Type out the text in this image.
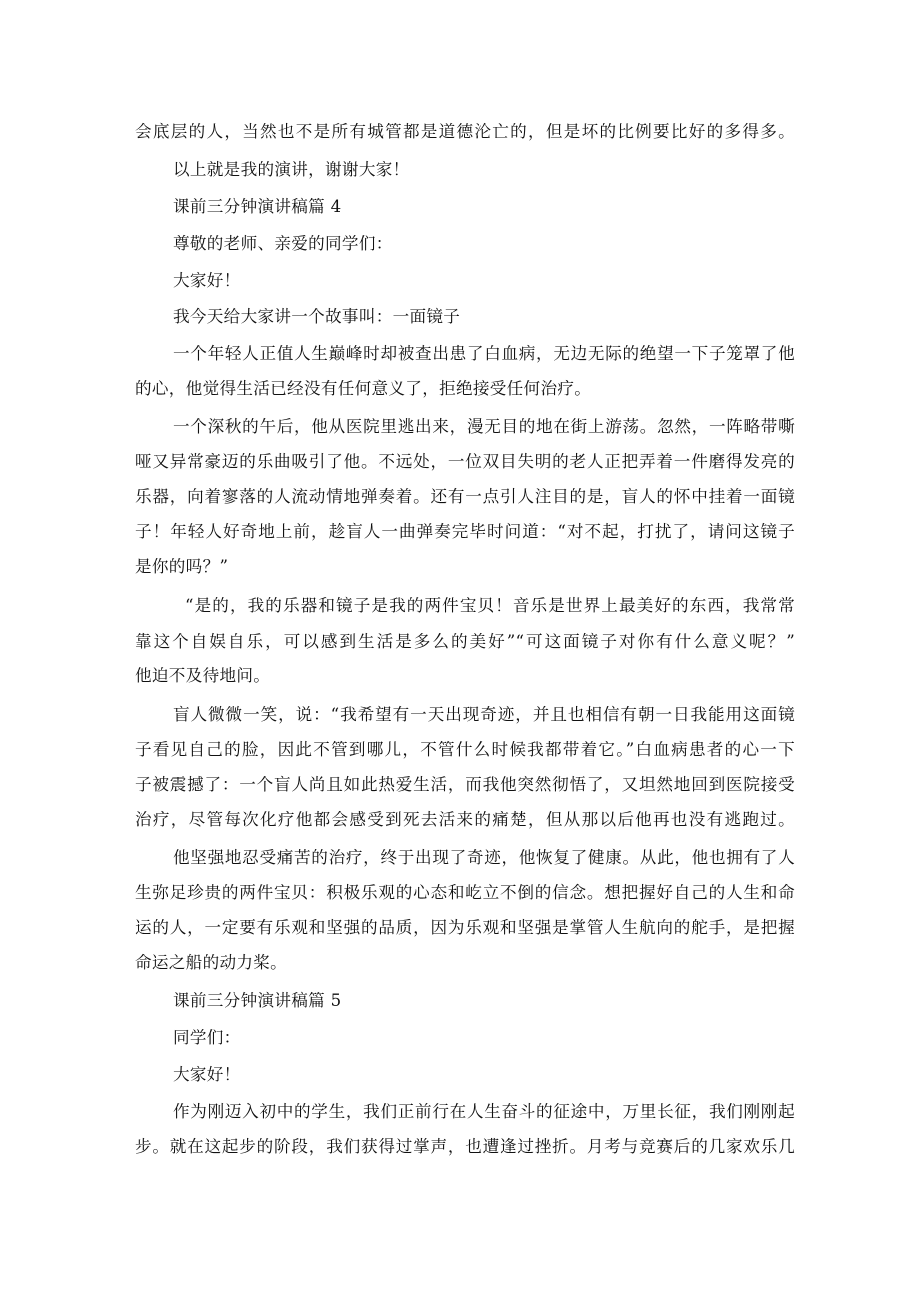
会底层的人，当然也不是所有城管都是道德沦亡的，但是坏的比例要比好的多得多。
以上就是我的演讲，谢谢大家！
课前三分钟演讲稿篇 4
尊敬的老师、亲爱的同学们：
大家好！
我今天给大家讲一个故事叫：一面镜子
一个年轻人正值人生巅峰时却被查出患了白血病，无边无际的绝望一下子笼罩了他
的心，他觉得生活已经没有任何意义了，拒绝接受任何治疗。
一个深秋的午后，他从医院里逃出来，漫无目的地在街上游荡。忽然，一阵略带嘶
哑又异常豪迈的乐曲吸引了他。不远处，一位双目失明的老人正把弄着一件磨得发亮的
乐器，向着寥落的人流动情地弹奏着。还有一点引人注目的是，盲人的怀中挂着一面镜
子！年轻人好奇地上前，趁盲人一曲弹奏完毕时问道：“对不起，打扰了，请问这镜子
是你的吗？”
“是的，我的乐器和镜子是我的两件宝贝！音乐是世界上最美好的东西，我常常
靠这个自娱自乐，可以感到生活是多么的美好”“可这面镜子对你有什么意义呢？”
他迫不及待地问。
盲人微微一笑，说：“我希望有一天出现奇迹，并且也相信有朝一日我能用这面镜
子看见自己的脸，因此不管到哪儿，不管什么时候我都带着它。”白血病患者的心一下
子被震撼了：一个盲人尚且如此热爱生活，而我他突然彻悟了，又坦然地回到医院接受
治疗，尽管每次化疗他都会感受到死去活来的痛楚，但从那以后他再也没有逃跑过。
他坚强地忍受痛苦的治疗，终于出现了奇迹，他恢复了健康。从此，他也拥有了人
生弥足珍贵的两件宝贝：积极乐观的心态和屹立不倒的信念。想把握好自己的人生和命
运的人，一定要有乐观和坚强的品质，因为乐观和坚强是掌管人生航向的舵手，是把握
命运之船的动力桨。
课前三分钟演讲稿篇 5
同学们：
大家好！
作为刚迈入初中的学生，我们正前行在人生奋斗的征途中，万里长征，我们刚刚起
步。就在这起步的阶段，我们获得过掌声，也遭逢过挫折。月考与竞赛后的几家欢乐几
